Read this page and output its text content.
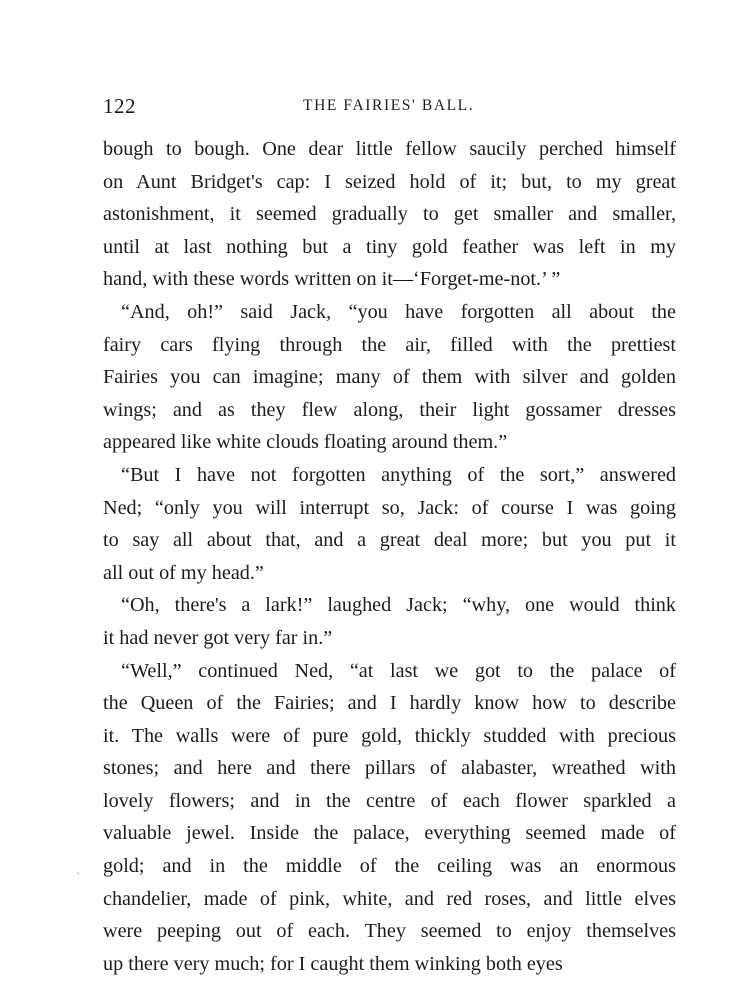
122	THE FAIRIES' BALL.
bough to bough. One dear little fellow saucily perched himself
on Aunt Bridget's cap: I seized hold of it; but, to my great
astonishment, it seemed gradually to get smaller and smaller,
until at last nothing but a tiny gold feather was left in my
hand, with these words written on it—‘Forget-me-not.’ ”
“And, oh!” said Jack, “you have forgotten all about the
fairy cars flying through the air, filled with the prettiest
Fairies you can imagine; many of them with silver and golden
wings; and as they flew along, their light gossamer dresses
appeared like white clouds floating around them.”
“But I have not forgotten anything of the sort,” answered
Ned; “only you will interrupt so, Jack: of course I was going
to say all about that, and a great deal more; but you put it
all out of my head.”
“Oh, there's a lark!” laughed Jack; “why, one would think
it had never got very far in.”
“Well,” continued Ned, “at last we got to the palace of
the Queen of the Fairies; and I hardly know how to describe
it. The walls were of pure gold, thickly studded with precious
stones; and here and there pillars of alabaster, wreathed with
lovely flowers; and in the centre of each flower sparkled a
valuable jewel. Inside the palace, everything seemed made of
gold; and in the middle of the ceiling was an enormous
chandelier, made of pink, white, and red roses, and little elves
were peeping out of each. They seemed to enjoy themselves
up there very much; for I caught them winking both eyes
·
